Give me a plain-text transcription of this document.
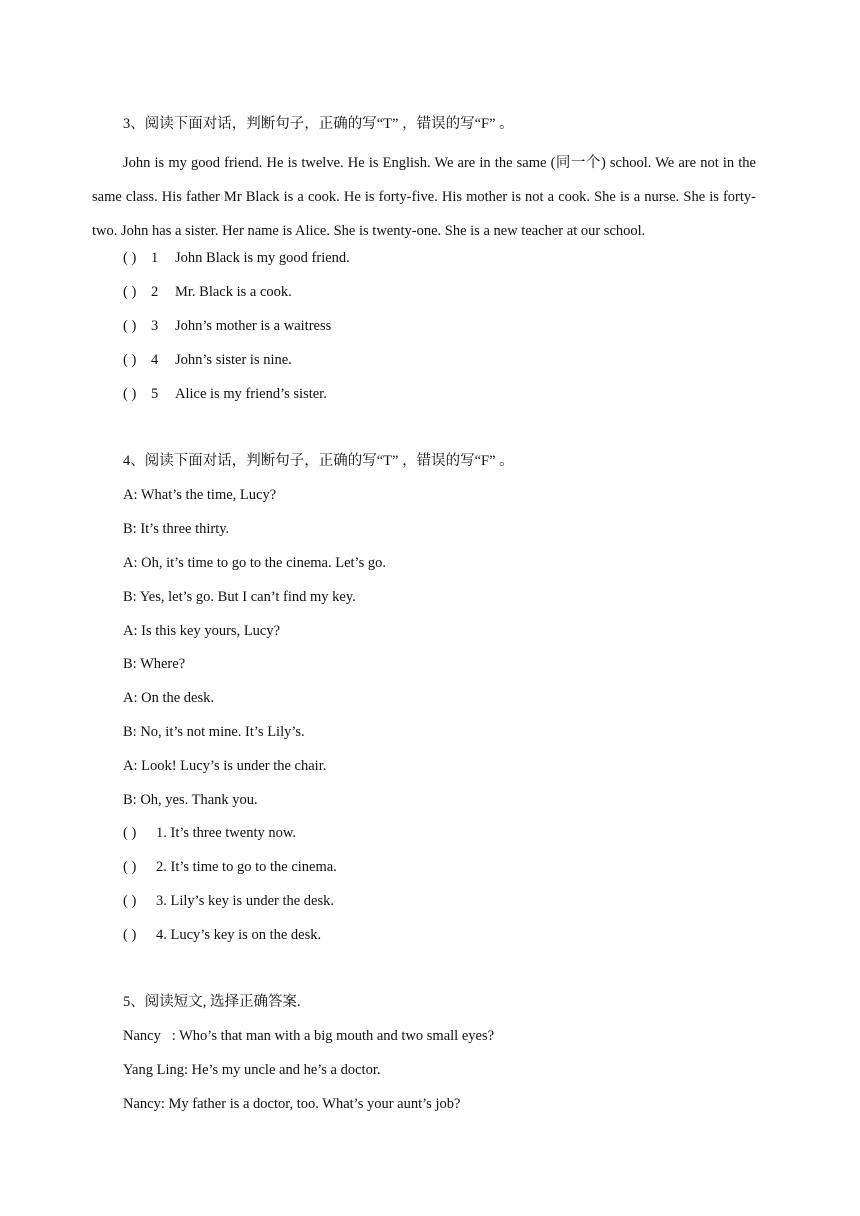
3、阅读下面对话，判断句子，正确的写“T” ，错误的写“F” 。
John is my good friend. He is twelve. He is English. We are in the same (同一个) school. We are not in the same class. His father Mr Black is a cook. He is forty-five. His mother is not a cook. She is a nurse. She is forty-two. John has a sister. Her name is Alice. She is twenty-one. She is a new teacher at our school.
( ) 1 John Black is my good friend.
( ) 2 Mr. Black is a cook.
( ) 3 John’s mother is a waitress
( ) 4 John’s sister is nine.
( ) 5 Alice is my friend’s sister.
4、阅读下面对话，判断句子，正确的写“T” ，错误的写“F” 。
A: What’s the time, Lucy?
B: It’s three thirty.
A: Oh, it’s time to go to the cinema. Let’s go.
B: Yes, let’s go. But I can’t find my key.
A: Is this key yours, Lucy?
B: Where?
A: On the desk.
B: No, it’s not mine. It’s Lily’s.
A: Look! Lucy’s is under the chair.
B: Oh, yes. Thank you.
( ) 1. It’s three twenty now.
( ) 2. It’s time to go to the cinema.
( ) 3. Lily’s key is under the desk.
( ) 4. Lucy’s key is on the desk.
5、阅读短文, 选择正确答案.
Nancy   : Who’s that man with a big mouth and two small eyes?
Yang Ling: He’s my uncle and he’s a doctor.
Nancy: My father is a doctor, too. What’s your aunt’s job?
